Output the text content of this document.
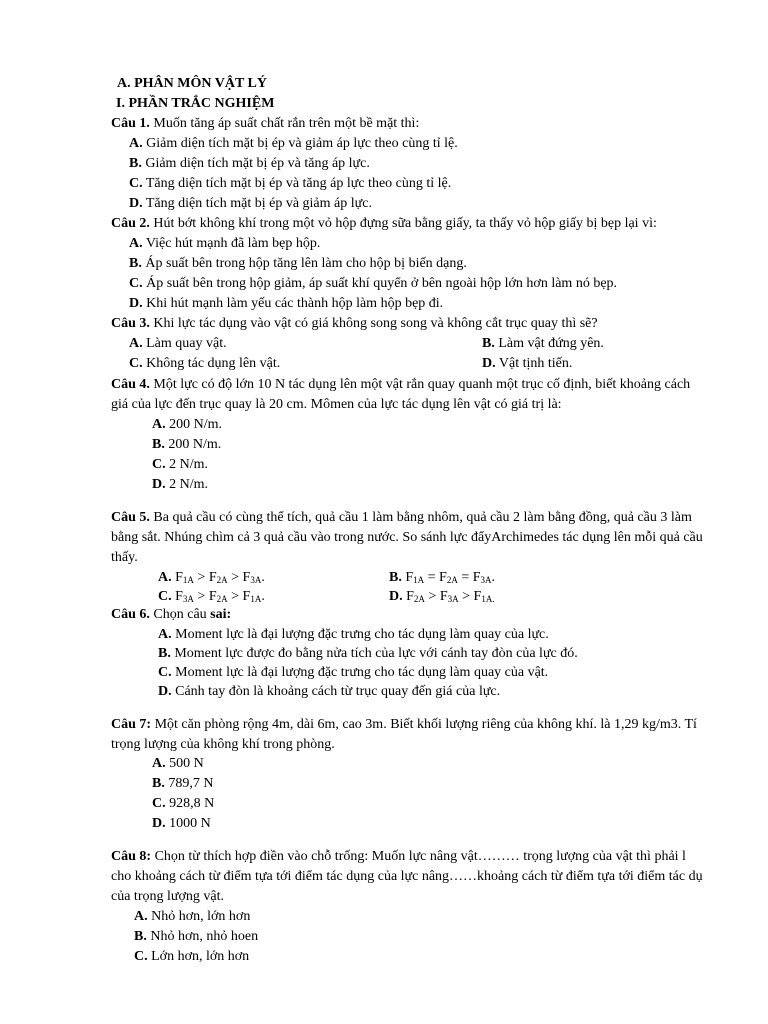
A. PHÂN MÔN VẬT LÝ
I. PHẦN TRẮC NGHIỆM
Câu 1. Muốn tăng áp suất chất rắn trên một bề mặt thì:
A. Giảm diện tích mặt bị ép và giảm áp lực theo cùng tỉ lệ.
B. Giảm diện tích mặt bị ép và tăng áp lực.
C. Tăng diện tích mặt bị ép và tăng áp lực theo cùng tỉ lệ.
D. Tăng diện tích mặt bị ép và giảm áp lực.
Câu 2. Hút bớt không khí trong một vỏ hộp đựng sữa bằng giấy, ta thấy vỏ hộp giấy bị bẹp lại vì:
A. Việc hút mạnh đã làm bẹp hộp.
B. Áp suất bên trong hộp tăng lên làm cho hộp bị biến dạng.
C. Áp suất bên trong hộp giảm, áp suất khí quyển ở bên ngoài hộp lớn hơn làm nó bẹp.
D. Khi hút mạnh làm yếu các thành hộp làm hộp bẹp đi.
Câu 3. Khi lực tác dụng vào vật có giá không song song và không cắt trục quay thì sẽ?
A. Làm quay vật.	B. Làm vật đứng yên.
C. Không tác dụng lên vật.	D. Vật tịnh tiến.
Câu 4. Một lực có độ lớn 10 N tác dụng lên một vật rắn quay quanh một trục cố định, biết khoảng cách
giá của lực đến trục quay là 20 cm. Mômen của lực tác dụng lên vật có giá trị là:
A. 200 N/m.
B. 200 N/m.
C. 2 N/m.
D. 2 N/m.
Câu 5. Ba quả cầu có cùng thể tích, quả cầu 1 làm bằng nhôm, quả cầu 2 làm bằng đồng, quả cầu 3 làm
bằng sắt. Nhúng chìm cả 3 quả cầu vào trong nước. So sánh lực đẩyArchimedes tác dụng lên mỗi quả cầu
thấy.
A. $F_{1A} > F_{2A} > F_{3A}$.	B. $F_{1A} = F_{2A} = F_{3A}$.
C. $F_{3A} > F_{2A} > F_{1A}$.	D. $F_{2A} > F_{3A} > F_{1A.}$
Câu 6. Chọn câu sai:
A. Moment lực là đại lượng đặc trưng cho tác dụng làm quay của lực.
B. Moment lực được đo bằng nửa tích của lực với cánh tay đòn của lực đó.
C. Moment lực là đại lượng đặc trưng cho tác dụng làm quay của vật.
D. Cánh tay đòn là khoảng cách từ trục quay đến giá của lực.
Câu 7: Một căn phòng rộng 4m, dài 6m, cao 3m. Biết khối lượng riêng của không khí. là 1,29 kg/m3. Tí
trọng lượng của không khí trong phòng.
A. 500 N
B. 789,7 N
C. 928,8 N
D. 1000 N
Câu 8: Chọn từ thích hợp điền vào chỗ trống: Muốn lực nâng vật……… trọng lượng của vật thì phải l
cho khoảng cách từ điểm tựa tới điểm tác dụng của lực nâng……khoảng cách từ điểm tựa tới điểm tác dụ
của trọng lượng vật.
A. Nhỏ hơn, lớn hơn
B. Nhỏ hơn, nhỏ hoen
C. Lớn hơn, lớn hơn
